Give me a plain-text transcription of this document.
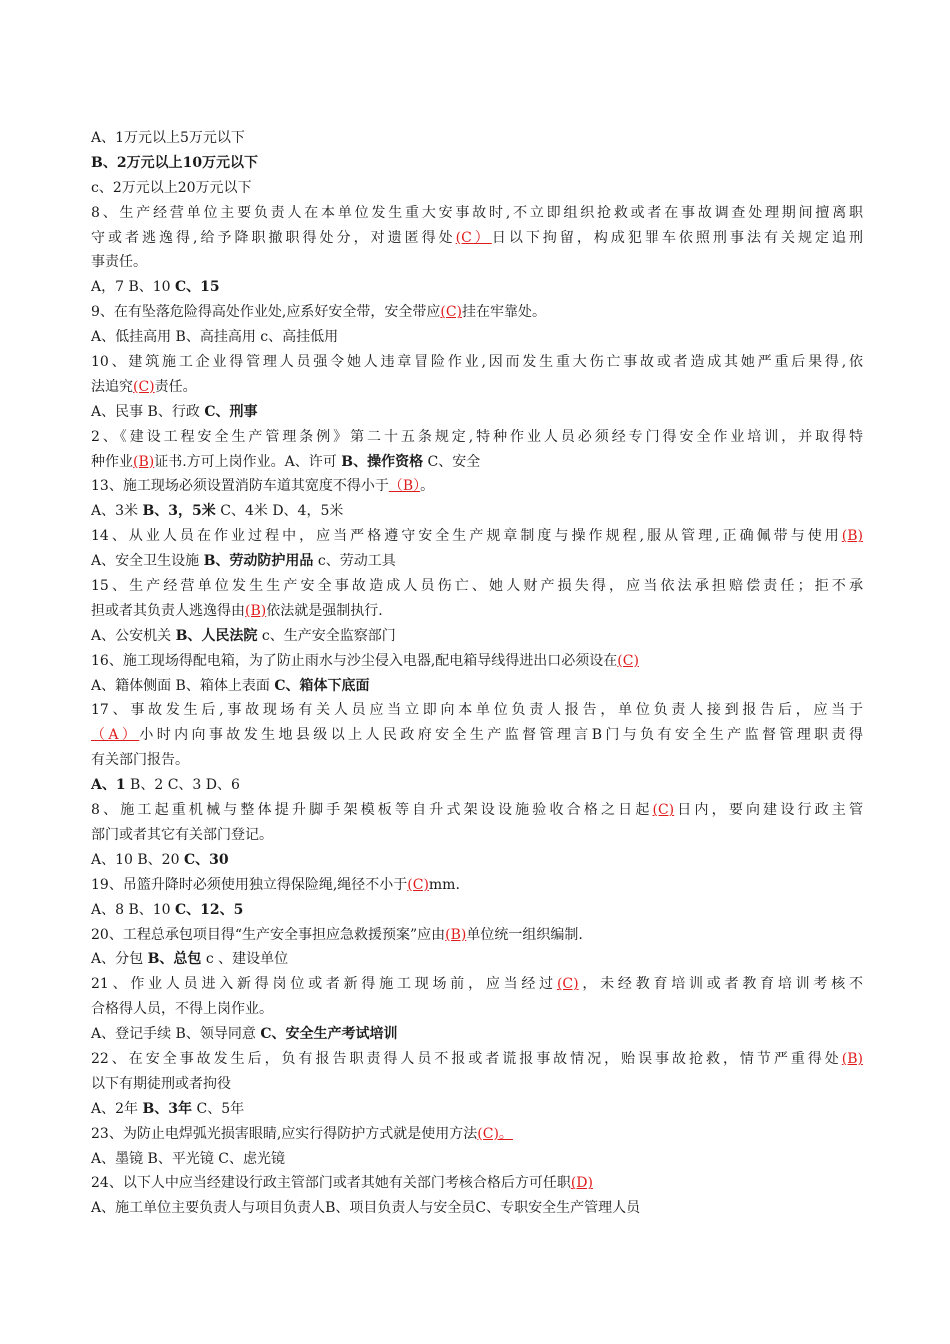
A、1万元以上5万元以下
B、2万元以上10万元以下
c、2万元以上20万元以下
8、生产经营单位主要负责人在本单位发生重大安事故时,不立即组织抢救或者在事故调查处理期间擅离职
守或者逃逸得,给予降职撤职得处分，对遗匿得处(C）日以下拘留，构成犯罪车依照刑事法有关规定追刑
事责任。
A，7 B、10 C、15
9、在有坠落危险得高处作业处,应系好安全带，安全带应(C)挂在牢靠处。
A、低挂高用 B、高挂高用 c、高挂低用
10、建筑施工企业得管理人员强令她人违章冒险作业,因而发生重大伤亡事故或者造成其她严重后果得,依
法追究(C)责任。
A、民事 B、行政 C、刑事
2、《建设工程安全生产管理条例》第二十五条规定,特种作业人员必须经专门得安全作业培训，并取得特
种作业(B)证书.方可上岗作业。A、许可 B、操作资格 C、安全
13、施工现场必须设置消防车道其宽度不得小于（B）。
A、3米 B、3，5米 C、4米 D、4，5米
14、从业人员在作业过程中，应当严格遵守安全生产规章制度与操作规程,服从管理,正确佩带与使用(B)
A、安全卫生设施 B、劳动防护用品 c、劳动工具
15、生产经营单位发生生产安全事故造成人员伤亡、她人财产损失得，应当依法承担赔偿责任；拒不承
担或者其负责人逃逸得由(B)依法就是强制执行.
A、公安机关 B、人民法院 c、生产安全监察部门
16、施工现场得配电箱，为了防止雨水与沙尘侵入电器,配电箱导线得进出口必须设在(C)
A、籍体侧面 B、箱体上表面 C、箱体下底面
17、事故发生后,事故现场有关人员应当立即向本单位负责人报告，单位负责人接到报告后，应当于
（A）小时内向事故发生地县级以上人民政府安全生产监督管理言B门与负有安全生产监督管理职责得
有关部门报告。
A、1 B、2 C、3 D、6
8、施工起重机械与整体提升脚手架模板等自升式架设设施验收合格之日起(C)日内，要向建设行政主管
部门或者其它有关部门登记。
A、10 B、20 C、30
19、吊篮升降时必须使用独立得保险绳,绳径不小于(C)mm.
A、8 B、10 C、12、5
20、工程总承包项目得“生产安全事担应急救援预案”应由(B)单位统一组织编制.
A、分包 B、总包 c 、建设单位
21、作业人员进入新得岗位或者新得施工现场前，应当经过(C)，未经教育培训或者教育培训考核不
合格得人员，不得上岗作业。
A、登记手续 B、领导同意 C、安全生产考试培训
22、在安全事故发生后，负有报告职责得人员不报或者谎报事故情况，贻误事故抢救，情节严重得处(B)
以下有期徒刑或者拘役
A、2年 B、3年 C、5年
23、为防止电焊弧光损害眼睛,应实行得防护方式就是使用方法(C)。
A、墨镜 B、平光镜 C、虑光镜
24、以下人中应当经建设行政主管部门或者其她有关部门考核合格后方可任职(D)
A、施工单位主要负责人与项目负责人B、项目负责人与安全员C、专职安全生产管理人员
